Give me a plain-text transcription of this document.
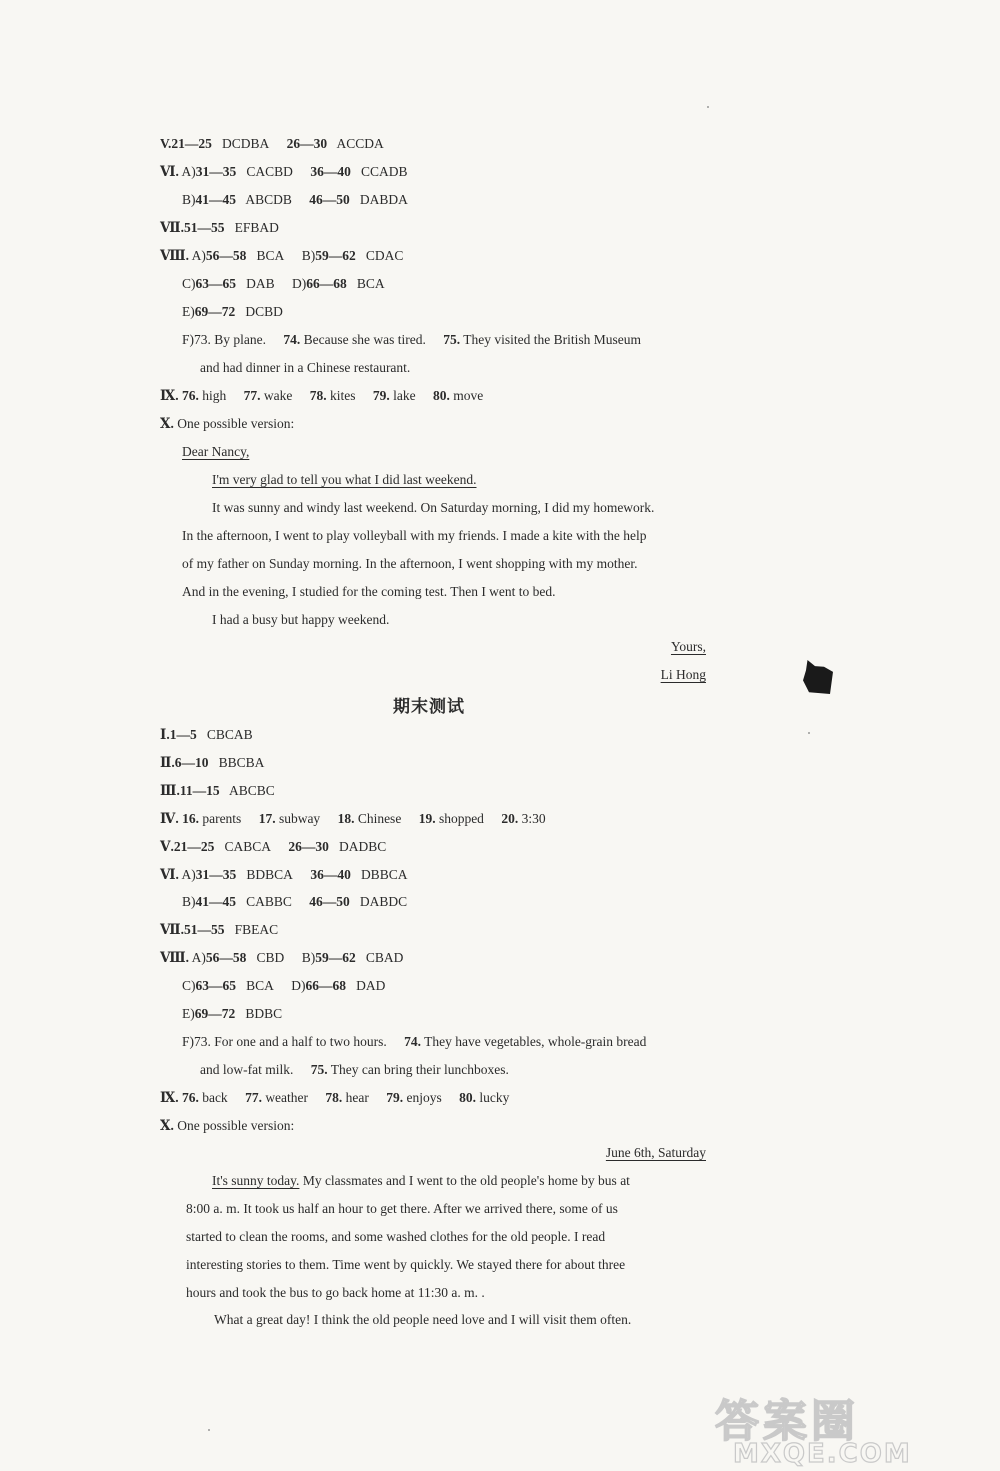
V.21—25 DCDBA 26—30 ACCDA
Ⅵ. A)31—35 CACBD 36—40 CCADB
B)41—45 ABCDB 46—50 DABDA
Ⅶ.51—55 EFBAD
Ⅷ. A)56—58 BCA B)59—62 CDAC
C)63—65 DAB D)66—68 BCA
E)69—72 DCBD
F)73. By plane. 74. Because she was tired. 75. They visited the British Museum
and had dinner in a Chinese restaurant.
Ⅸ. 76. high 77. wake 78. kites 79. lake 80. move
Ⅹ. One possible version:
Dear Nancy,
I'm very glad to tell you what I did last weekend.
It was sunny and windy last weekend. On Saturday morning, I did my homework.
In the afternoon, I went to play volleyball with my friends. I made a kite with the help
of my father on Sunday morning. In the afternoon, I went shopping with my mother.
And in the evening, I studied for the coming test. Then I went to bed.
I had a busy but happy weekend.
Yours,
Li Hong
期末测试
Ⅰ.1—5 CBCAB
Ⅱ.6—10 BBCBA
Ⅲ.11—15 ABCBC
Ⅳ. 16. parents 17. subway 18. Chinese 19. shopped 20. 3:30
Ⅴ.21—25 CABCA 26—30 DADBC
Ⅵ. A)31—35 BDBCA 36—40 DBBCA
B)41—45 CABBC 46—50 DABDC
Ⅶ.51—55 FBEAC
Ⅷ. A)56—58 CBD B)59—62 CBAD
C)63—65 BCA D)66—68 DAD
E)69—72 BDBC
F)73. For one and a half to two hours. 74. They have vegetables, whole-grain bread
and low-fat milk. 75. They can bring their lunchboxes.
Ⅸ. 76. back 77. weather 78. hear 79. enjoys 80. lucky
Ⅹ. One possible version:
June 6th, Saturday
It's sunny today. My classmates and I went to the old people's home by bus at
8:00 a. m. It took us half an hour to get there. After we arrived there, some of us
started to clean the rooms, and some washed clothes for the old people. I read
interesting stories to them. Time went by quickly. We stayed there for about three
hours and took the bus to go back home at 11:30 a. m. .
What a great day! I think the old people need love and I will visit them often.
答案圈
MXQE.COM
